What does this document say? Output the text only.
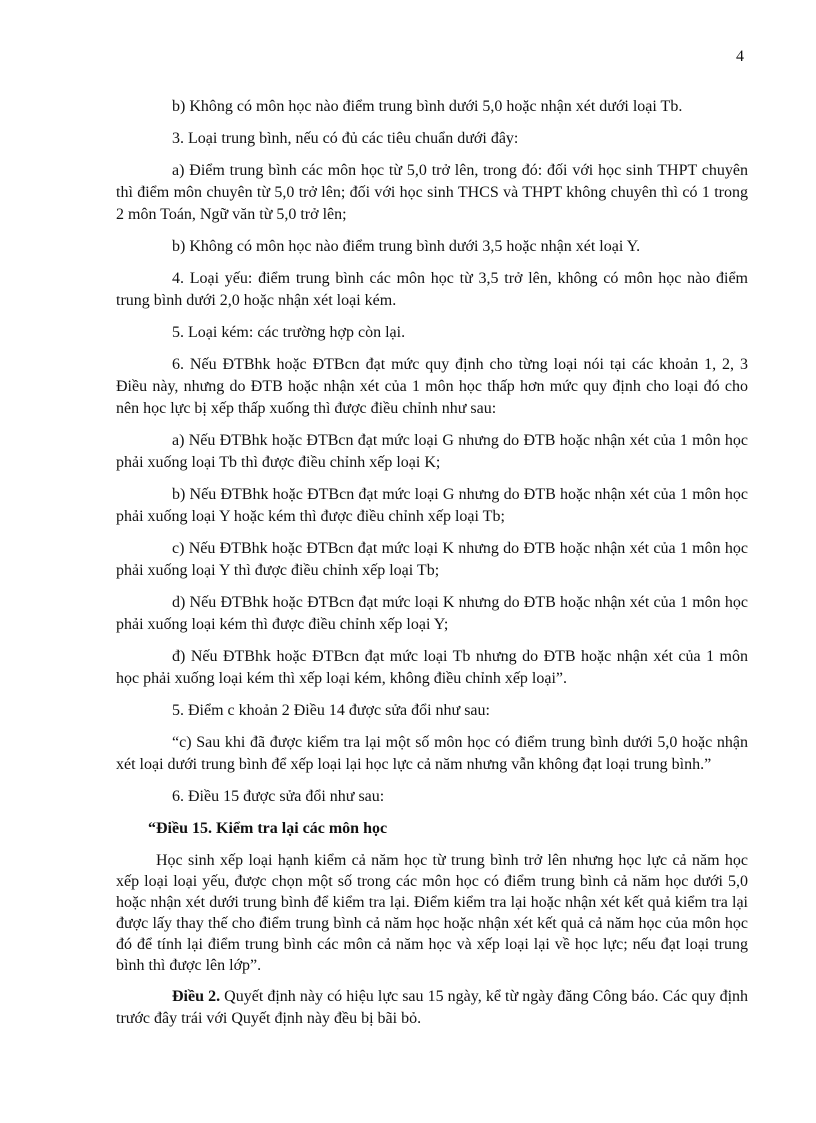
4

b) Không có môn học nào điểm trung bình dưới 5,0 hoặc nhận xét dưới loại Tb.

3. Loại trung bình, nếu có đủ các tiêu chuẩn dưới đây:

a) Điểm trung bình các môn học từ 5,0 trở lên, trong đó: đối với học sinh THPT chuyên thì điểm môn chuyên từ 5,0 trở lên; đối với học sinh THCS và THPT không chuyên thì có 1 trong 2 môn Toán, Ngữ văn từ 5,0 trở lên;

b) Không có môn học nào điểm trung bình dưới 3,5 hoặc nhận xét loại Y.

4. Loại yếu: điểm trung bình các môn học từ 3,5 trở lên, không có môn học nào điểm trung bình dưới 2,0 hoặc nhận xét loại kém.

5. Loại kém: các trường hợp còn lại.

6. Nếu ĐTBhk hoặc ĐTBcn đạt mức quy định cho từng loại nói tại các khoản 1, 2, 3 Điều này, nhưng do ĐTB hoặc nhận xét của 1 môn học thấp hơn mức quy định cho loại đó cho nên học lực bị xếp thấp xuống thì được điều chỉnh như sau:

a) Nếu ĐTBhk hoặc ĐTBcn đạt mức loại G nhưng do ĐTB hoặc nhận xét của 1 môn học phải xuống loại Tb thì được điều chỉnh xếp loại K;

b) Nếu ĐTBhk hoặc ĐTBcn đạt mức loại G nhưng do ĐTB hoặc nhận xét của 1 môn học phải xuống loại Y hoặc kém thì được điều chỉnh xếp loại Tb;

c) Nếu ĐTBhk hoặc ĐTBcn đạt mức loại K nhưng do ĐTB hoặc nhận xét của 1 môn học phải xuống loại Y thì được điều chỉnh xếp loại Tb;

d) Nếu ĐTBhk hoặc ĐTBcn đạt mức loại K nhưng do ĐTB hoặc nhận xét của 1 môn học phải xuống loại kém thì được điều chỉnh xếp loại Y;

đ) Nếu ĐTBhk hoặc ĐTBcn đạt mức loại Tb nhưng do ĐTB hoặc nhận xét của 1 môn học phải xuống loại kém thì xếp loại kém, không điều chỉnh xếp loại”.

5. Điểm c khoản 2 Điều 14 được sửa đổi như sau:

“c) Sau khi đã được kiểm tra lại một số môn học có điểm trung bình dưới 5,0 hoặc nhận xét loại dưới trung bình để xếp loại lại học lực cả năm nhưng vẫn không đạt loại trung bình.”

6. Điều 15 được sửa đổi như sau:

“Điều 15. Kiểm tra lại các môn học

Học sinh xếp loại hạnh kiểm cả năm học từ trung bình trở lên nhưng học lực cả năm học xếp loại loại yếu, được chọn một số trong các môn học có điểm trung bình cả năm học dưới 5,0 hoặc nhận xét dưới trung bình để kiểm tra lại. Điểm kiểm tra lại hoặc nhận xét kết quả kiểm tra lại được lấy thay thế cho điểm trung bình cả năm học hoặc nhận xét kết quả cả năm học của môn học đó để tính lại điểm trung bình các môn cả năm học và xếp loại lại về học lực; nếu đạt loại trung bình thì được lên lớp”.

Điều 2. Quyết định này có hiệu lực sau 15 ngày, kể từ ngày đăng Công báo. Các quy định trước đây trái với Quyết định này đều bị bãi bỏ.
